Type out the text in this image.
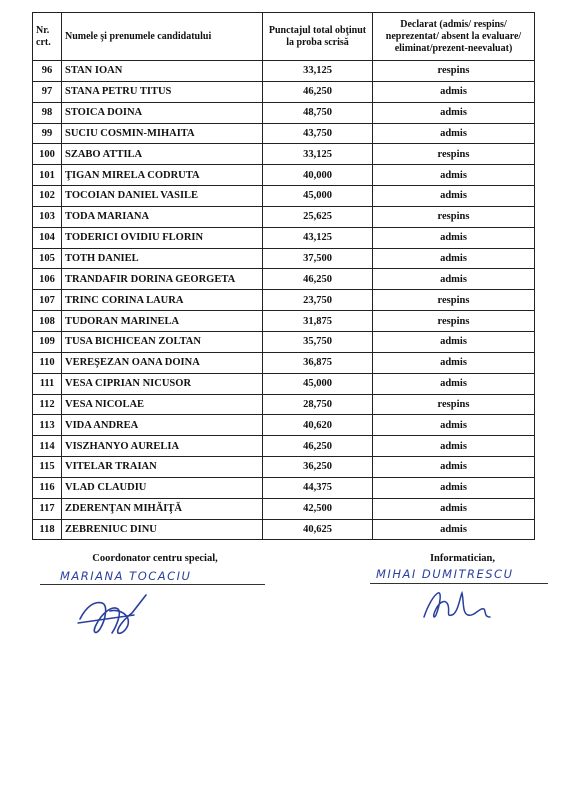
Nr. crt.	Numele şi prenumele candidatului	Punctajul total obţinut la proba scrisă	Declarat (admis/ respins/ neprezentat/ absent la evaluare/ eliminat/prezent-neevaluat)
96	STAN IOAN	33,125	respins
97	STANA PETRU TITUS	46,250	admis
98	STOICA DOINA	48,750	admis
99	SUCIU COSMIN-MIHAITA	43,750	admis
100	SZABO ATTILA	33,125	respins
101	ŢIGAN MIRELA CODRUTA	40,000	admis
102	TOCOIAN DANIEL VASILE	45,000	admis
103	TODA MARIANA	25,625	respins
104	TODERICI OVIDIU FLORIN	43,125	admis
105	TOTH DANIEL	37,500	admis
106	TRANDAFIR DORINA GEORGETA	46,250	admis
107	TRINC CORINA LAURA	23,750	respins
108	TUDORAN MARINELA	31,875	respins
109	TUSA BICHICEAN ZOLTAN	35,750	admis
110	VEREŞEZAN OANA DOINA	36,875	admis
111	VESA CIPRIAN NICUSOR	45,000	admis
112	VESA NICOLAE	28,750	respins
113	VIDA ANDREA	40,620	admis
114	VISZHANYO AURELIA	46,250	admis
115	VITELAR TRAIAN	36,250	admis
116	VLAD CLAUDIU	44,375	admis
117	ZDERENŢAN MIHĂIŢĂ	42,500	admis
118	ZEBRENIUC DINU	40,625	admis
Coordonator centru special,
MARIANA TOCACIU
Informatician,
MIHAI DUMITRESCU
